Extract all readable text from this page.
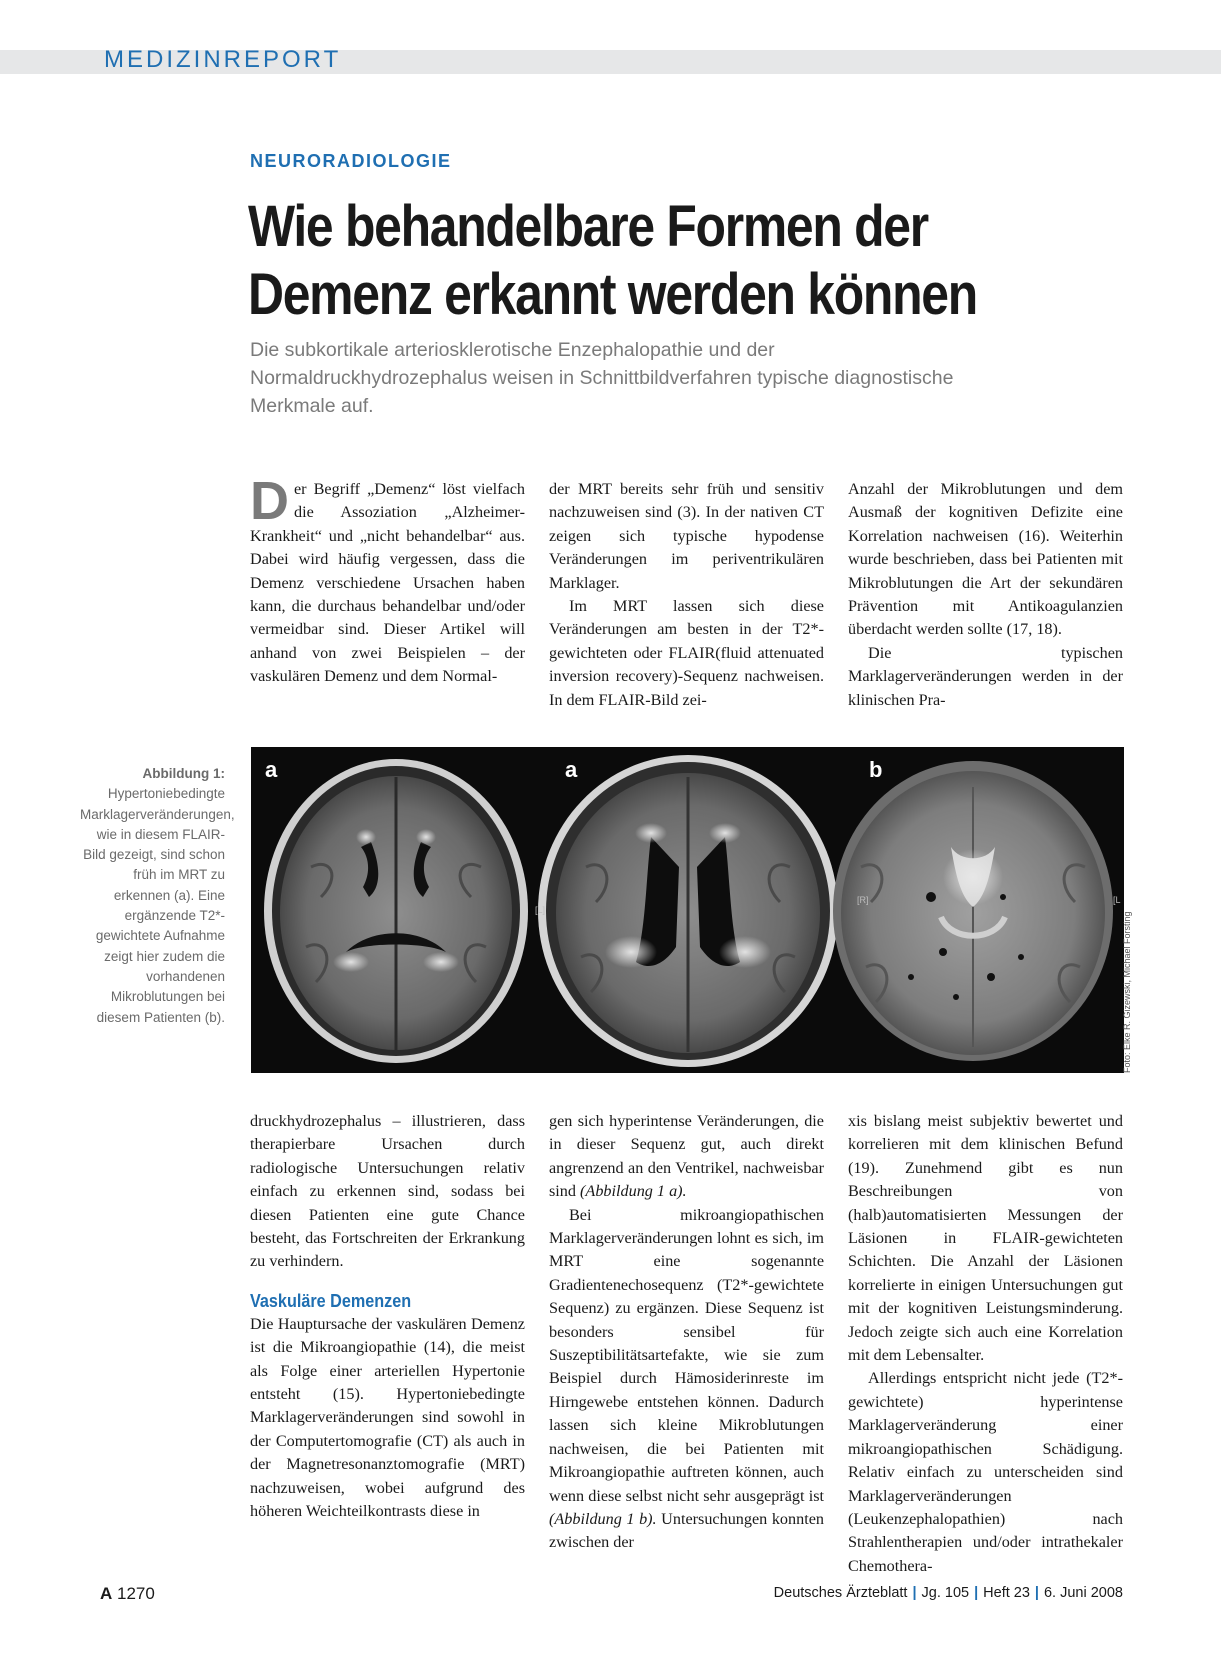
MEDIZINREPORT
NEURORADIOLOGIE
Wie behandelbare Formen der
Demenz erkannt werden können

Die subkortikale arteriosklerotische Enzephalopathie und der Normaldruckhydrozephalus weisen in Schnittbildverfahren typische diagnostische Merkmale auf.

Der Begriff „Demenz“ löst vielfach die Assoziation „Alzheimer-Krankheit“ und „nicht behandelbar“ aus. Dabei wird häufig vergessen, dass die Demenz verschiedene Ursachen haben kann, die durchaus behandelbar und/oder vermeidbar sind. Dieser Artikel will anhand von zwei Beispielen – der vaskulären Demenz und dem Normal-

der MRT bereits sehr früh und sensitiv nachzuweisen sind (3). In der nativen CT zeigen sich typische hypodense Veränderungen im periventrikulären Marklager.

Im MRT lassen sich diese Veränderungen am besten in der T2*-gewichteten oder FLAIR(fluid attenuated inversion recovery)-Sequenz nachweisen. In dem FLAIR-Bild zei-

Anzahl der Mikroblutungen und dem Ausmaß der kognitiven Defizite eine Korrelation nachweisen (16). Weiterhin wurde beschrieben, dass bei Patienten mit Mikroblutungen die Art der sekundären Prävention mit Antikoagulanzien überdacht werden sollte (17, 18).

Die typischen Marklagerveränderungen werden in der klinischen Pra-

Abbildung 1:
Hypertoniebedingte Marklagerveränderungen, wie in diesem FLAIR-Bild gezeigt, sind schon früh im MRT zu erkennen (a). Eine ergänzende T2*-gewichtete Aufnahme zeigt hier zudem die vorhandenen Mikroblutungen bei diesem Patienten (b).

a	a	b
[L]
[R]	[L
Foto: Elke R. Gizewski, Michael Forsting

druckhydrozephalus – illustrieren, dass therapierbare Ursachen durch radiologische Untersuchungen relativ einfach zu erkennen sind, sodass bei diesen Patienten eine gute Chance besteht, das Fortschreiten der Erkrankung zu verhindern.

Vaskuläre Demenzen

Die Hauptursache der vaskulären Demenz ist die Mikroangiopathie (14), die meist als Folge einer arteriellen Hypertonie entsteht (15). Hypertoniebedingte Marklagerveränderungen sind sowohl in der Computertomografie (CT) als auch in der Magnetresonanztomografie (MRT) nachzuweisen, wobei aufgrund des höheren Weichteilkontrasts diese in

gen sich hyperintense Veränderungen, die in dieser Sequenz gut, auch direkt angrenzend an den Ventrikel, nachweisbar sind (Abbildung 1 a).

Bei mikroangiopathischen Marklagerveränderungen lohnt es sich, im MRT eine sogenannte Gradientenechosequenz (T2*-gewichtete Sequenz) zu ergänzen. Diese Sequenz ist besonders sensibel für Suszeptibilitätsartefakte, wie sie zum Beispiel durch Hämosiderinreste im Hirngewebe entstehen können. Dadurch lassen sich kleine Mikroblutungen nachweisen, die bei Patienten mit Mikroangiopathie auftreten können, auch wenn diese selbst nicht sehr ausgeprägt ist (Abbildung 1 b). Untersuchungen konnten zwischen der

xis bislang meist subjektiv bewertet und korrelieren mit dem klinischen Befund (19). Zunehmend gibt es nun Beschreibungen von (halb)automatisierten Messungen der Läsionen in FLAIR-gewichteten Schichten. Die Anzahl der Läsionen korrelierte in einigen Untersuchungen gut mit der kognitiven Leistungsminderung. Jedoch zeigte sich auch eine Korrelation mit dem Lebensalter.

Allerdings entspricht nicht jede (T2*-gewichtete) hyperintense Marklagerveränderung einer mikroangiopathischen Schädigung. Relativ einfach zu unterscheiden sind Marklagerveränderungen (Leukenzephalopathien) nach Strahlentherapien und/oder intrathekaler Chemothera-

A 1270	Deutsches Ärzteblatt | Jg. 105 | Heft 23 | 6. Juni 2008
